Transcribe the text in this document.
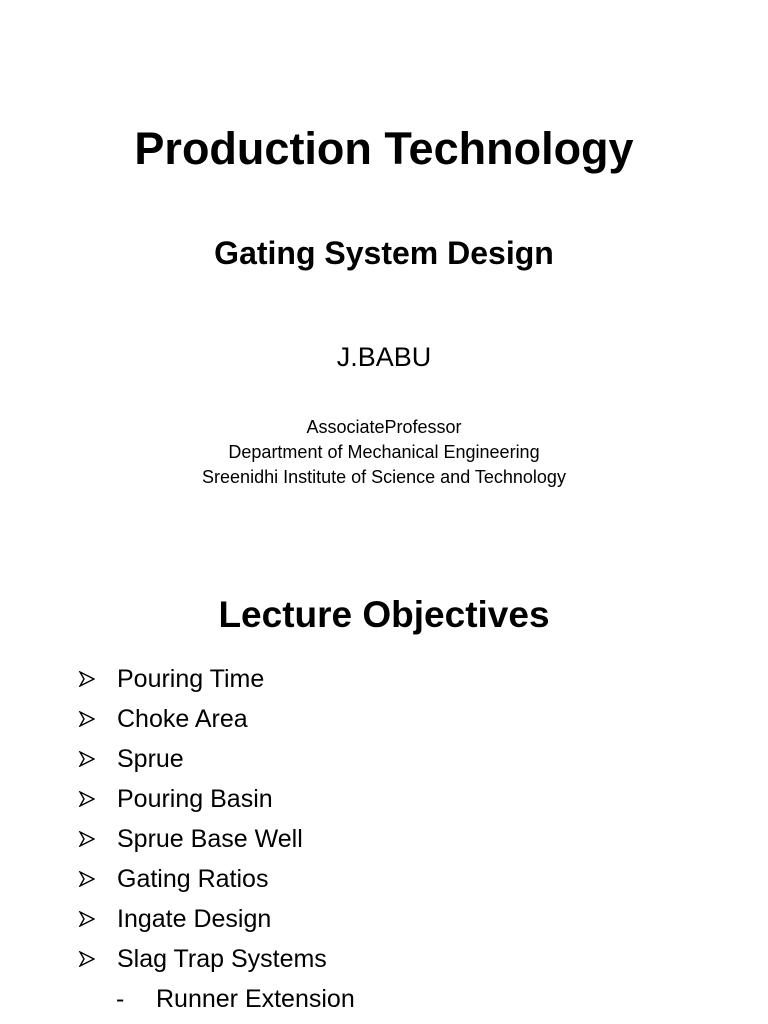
Production Technology
Gating System Design
J.BABU
AssociateProfessor
Department of Mechanical Engineering
Sreenidhi Institute of Science and Technology
Lecture Objectives
Pouring Time
Choke Area
Sprue
Pouring Basin
Sprue Base Well
Gating Ratios
Ingate Design
Slag Trap Systems
- Runner Extension
